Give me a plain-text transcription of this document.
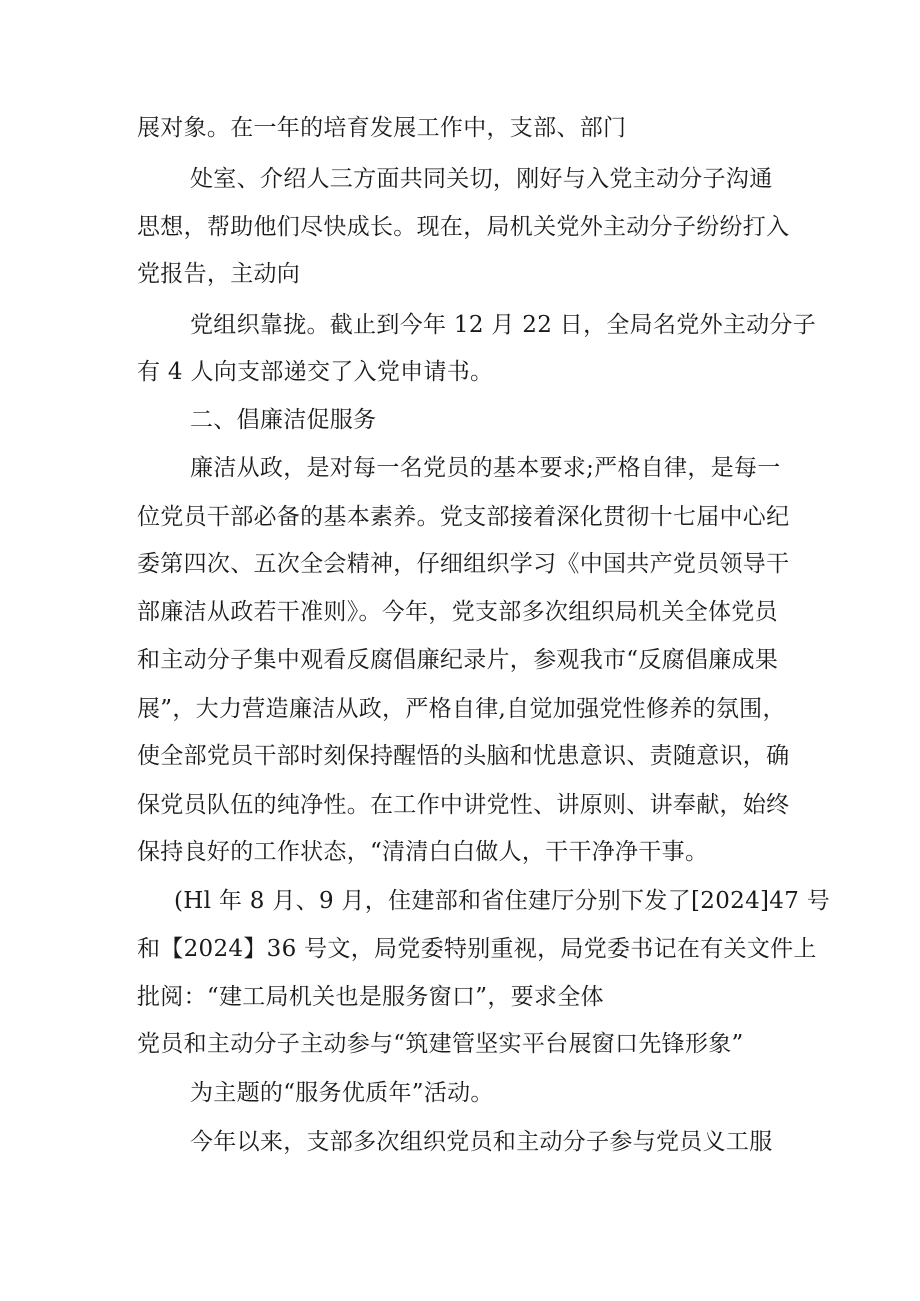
展对象。在一年的培育发展工作中，支部、部门
处室、介绍人三方面共同关切，刚好与入党主动分子沟通
思想，帮助他们尽快成长。现在，局机关党外主动分子纷纷打入
党报告，主动向
党组织靠拢。截止到今年 12 月 22 日，全局名党外主动分子
有 4 人向支部递交了入党申请书。
二、倡廉洁促服务
廉洁从政，是对每一名党员的基本要求;严格自律，是每一
位党员干部必备的基本素养。党支部接着深化贯彻十七届中心纪
委第四次、五次全会精神，仔细组织学习《中国共产党员领导干
部廉洁从政若干准则》。今年，党支部多次组织局机关全体党员
和主动分子集中观看反腐倡廉纪录片，参观我市“反腐倡廉成果
展”，大力营造廉洁从政，严格自律,自觉加强党性修养的氛围，
使全部党员干部时刻保持醒悟的头脑和忧患意识、责随意识，确
保党员队伍的纯净性。在工作中讲党性、讲原则、讲奉献，始终
保持良好的工作状态，“清清白白做人，干干净净干事。
(Hl 年 8 月、9 月，住建部和省住建厅分别下发了[2024]47 号
和【2024】36 号文，局党委特别重视，局党委书记在有关文件上
批阅：“建工局机关也是服务窗口”，要求全体
党员和主动分子主动参与“筑建管坚实平台展窗口先锋形象”
为主题的“服务优质年”活动。
今年以来，支部多次组织党员和主动分子参与党员义工服
